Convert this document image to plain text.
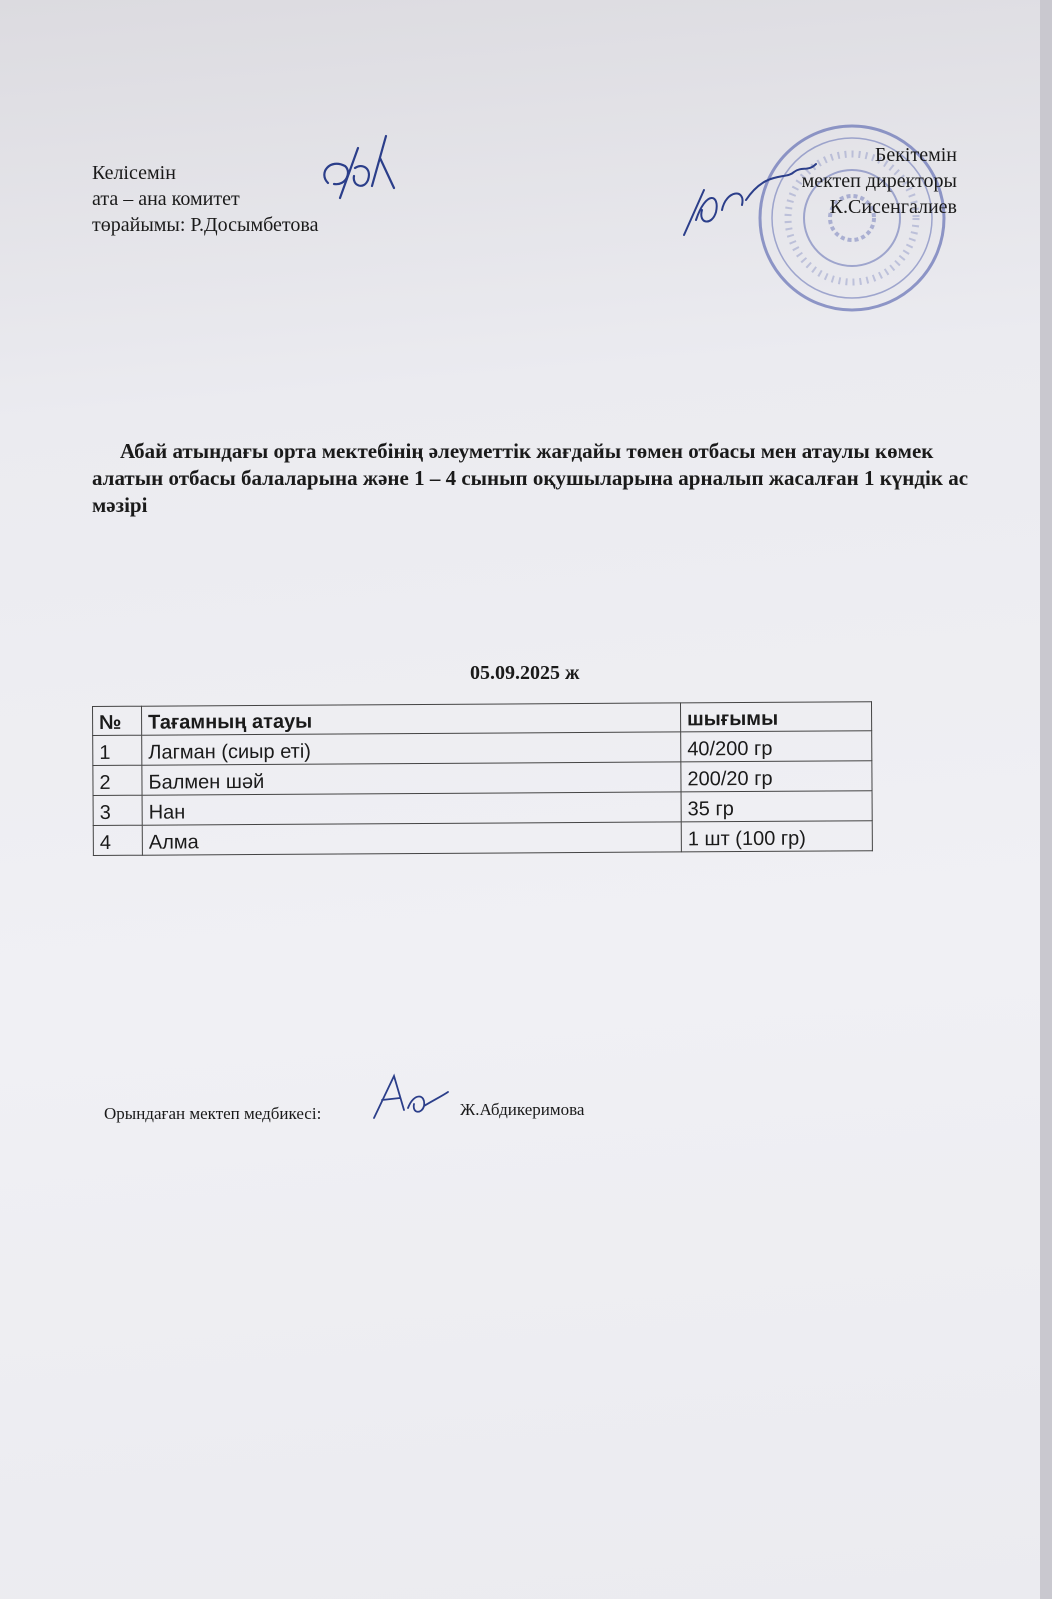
Келісемін
ата – ана комитет
төрайымы: Р.Досымбетова
Бекітемін
мектеп директоры
К.Сисенгалиев
Абай атындағы орта мектебінің әлеуметтік жағдайы төмен отбасы мен атаулы көмек алатын отбасы балаларына және 1 – 4 сынып оқушыларына арналып жасалған 1 күндік ас мәзірі
05.09.2025 ж
№	Тағамның атауы	шығымы
1	Лагман (сиыр еті)	40/200 гр
2	Балмен шәй	200/20 гр
3	Нан	35 гр
4	Алма	1 шт (100 гр)
Орындаған мектеп медбикесі:	Ж.Абдикеримова
